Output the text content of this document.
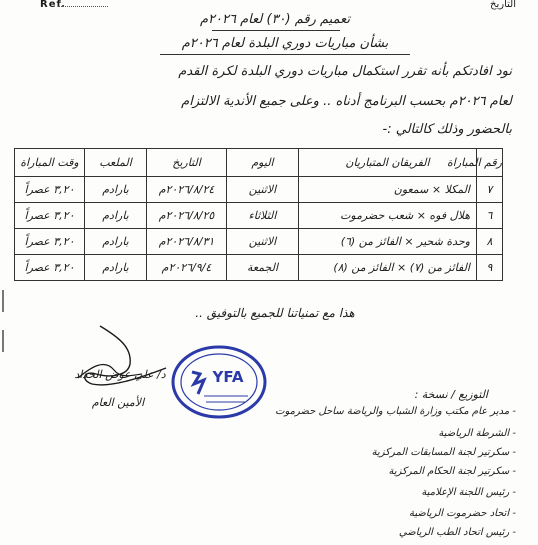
Ref.	التاريخ
تعميم رقم (٣٠) لعام ٢٠٢٦م
بشأن مباريات دوري البلدة لعام ٢٠٢٦م
نود افادتكم بأنه تقرر استكمال مباريات دوري البلدة لكرة القدم
لعام ٢٠٢٦م بحسب البرنامج أدناه .. وعلى جميع الأندية الالتزام
بالحضور وذلك كالتالي :-
رقم المباراة	الفريقان المتباريان	اليوم	التاريخ	الملعب	وقت المباراة
٧	المكلا × سمعون	الاثنين	٢٠٢٦/٨/٢٤م	بارادم	٣,٢٠ عصراً
٦	هلال فوه × شعب حضرموت	الثلاثاء	٢٠٢٦/٨/٢٥م	بارادم	٣,٢٠ عصراً
٨	وحدة شحير × الفائز من (٦)	الاثنين	٢٠٢٦/٨/٣١م	بارادم	٣,٢٠ عصراً
٩	الفائز من (٧) × الفائز من (٨)	الجمعة	٢٠٢٦/٩/٤م	بارادم	٣,٢٠ عصراً
هذا مع تمنياتنا للجميع بالتوفيق ..
YFA
د/ علي عوض الحداد
الأمين العام
التوزيع / نسخة :
- مدير عام مكتب وزارة الشباب والرياضة ساحل حضرموت
- الشرطة الرياضية
- سكرتير لجنة المسابقات المركزية
- سكرتير لجنة الحكام المركزية
- رئيس اللجنة الإعلامية
- اتحاد حضرموت الرياضية
- رئيس اتحاد الطب الرياضي
